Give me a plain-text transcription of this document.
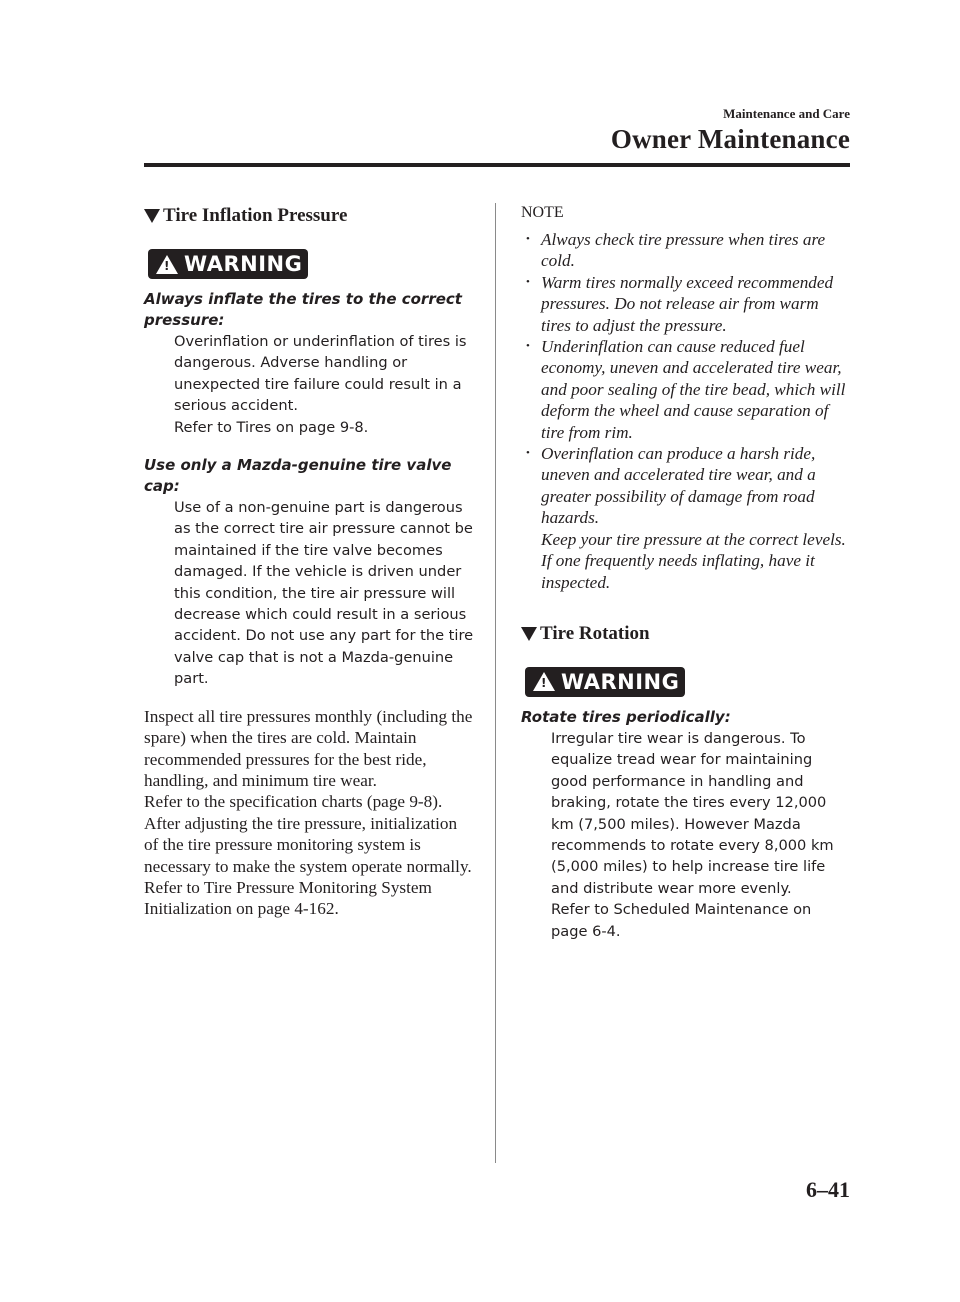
Maintenance and Care
Owner Maintenance
Tire Inflation Pressure
! WARNING
Always inflate the tires to the correct pressure:
Overinflation or underinflation of tires is dangerous. Adverse handling or unexpected tire failure could result in a serious accident.
Refer to Tires on page 9-8.
Use only a Mazda-genuine tire valve cap:
Use of a non-genuine part is dangerous as the correct tire air pressure cannot be maintained if the tire valve becomes damaged. If the vehicle is driven under this condition, the tire air pressure will decrease which could result in a serious accident. Do not use any part for the tire valve cap that is not a Mazda-genuine part.
Inspect all tire pressures monthly (including the spare) when the tires are cold. Maintain recommended pressures for the best ride, handling, and minimum tire wear.
Refer to the specification charts (page 9-8).
After adjusting the tire pressure, initialization of the tire pressure monitoring system is necessary to make the system operate normally.
Refer to Tire Pressure Monitoring System Initialization on page 4-162.
NOTE
• Always check tire pressure when tires are cold.
• Warm tires normally exceed recommended pressures. Do not release air from warm tires to adjust the pressure.
• Underinflation can cause reduced fuel economy, uneven and accelerated tire wear, and poor sealing of the tire bead, which will deform the wheel and cause separation of tire from rim.
• Overinflation can produce a harsh ride, uneven and accelerated tire wear, and a greater possibility of damage from road hazards.
Keep your tire pressure at the correct levels. If one frequently needs inflating, have it inspected.
Tire Rotation
! WARNING
Rotate tires periodically:
Irregular tire wear is dangerous. To equalize tread wear for maintaining good performance in handling and braking, rotate the tires every 12,000 km (7,500 miles). However Mazda recommends to rotate every 8,000 km (5,000 miles) to help increase tire life and distribute wear more evenly.
Refer to Scheduled Maintenance on page 6-4.
6–41
